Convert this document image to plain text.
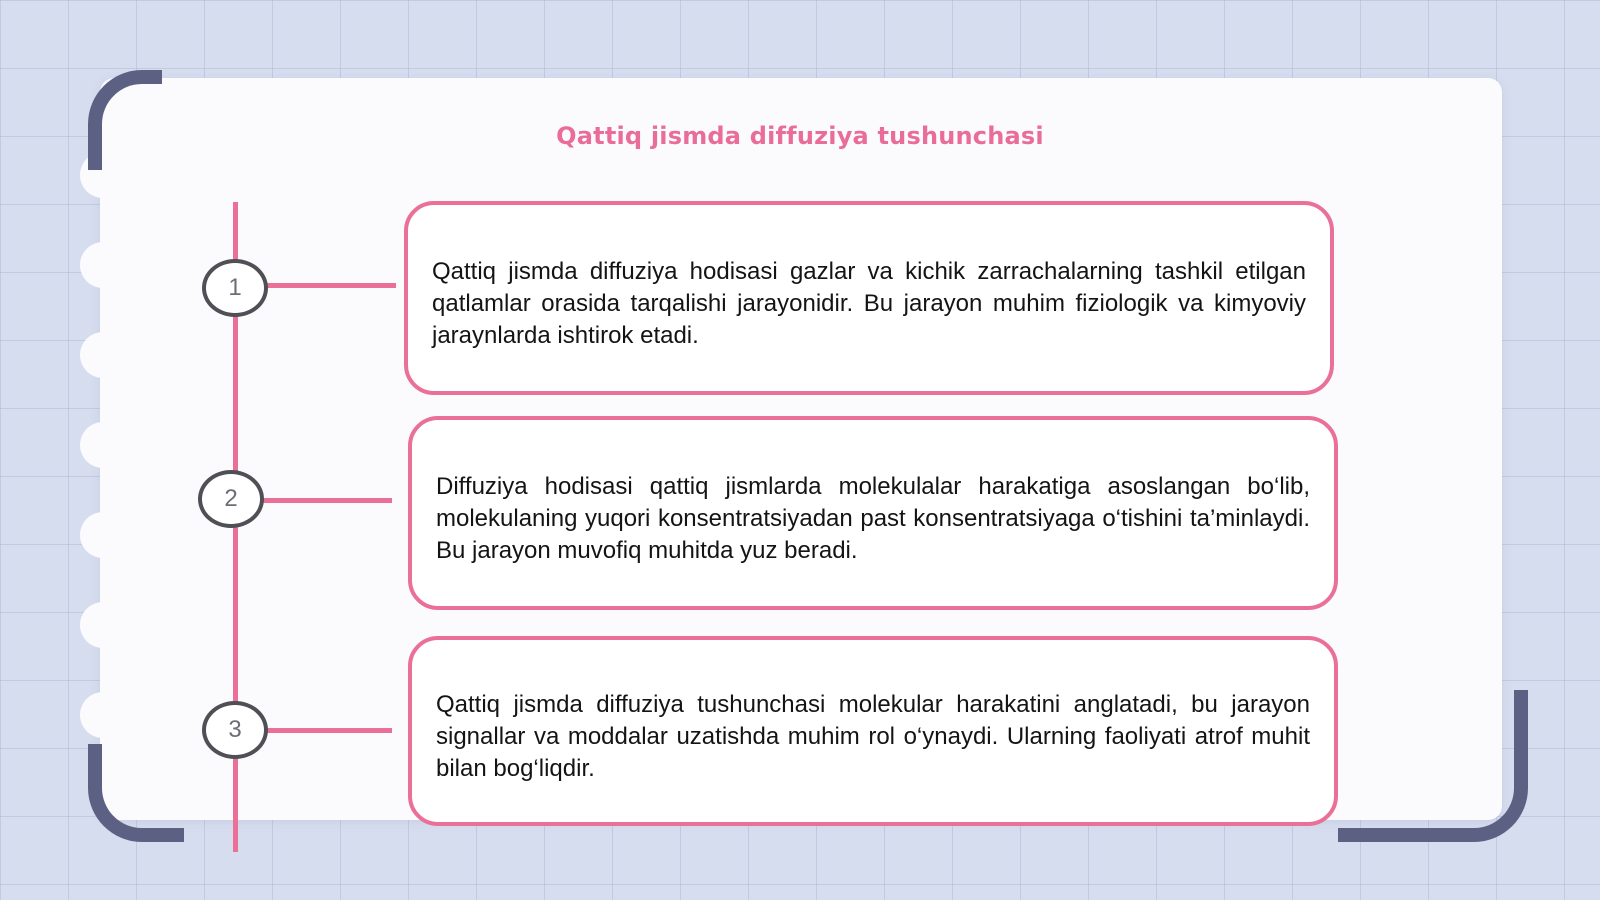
Qattiq jismda diffuziya tushunchasi
1
2
3

Qattiq jismda diffuziya hodisasi gazlar va kichik zarrachalarning tashkil etilgan qatlamlar orasida tarqalishi jarayonidir. Bu jarayon muhim fiziologik va kimyoviy jaraynlarda ishtirok etadi.

Diffuziya hodisasi qattiq jismlarda molekulalar harakatiga asoslangan bo‘lib, molekulaning yuqori konsentratsiyadan past konsentratsiyaga o‘tishini ta’minlaydi. Bu jarayon muvofiq muhitda yuz beradi.

Qattiq jismda diffuziya tushunchasi molekular harakatini anglatadi, bu jarayon signallar va moddalar uzatishda muhim rol o‘ynaydi. Ularning faoliyati atrof muhit bilan bog‘liqdir.
